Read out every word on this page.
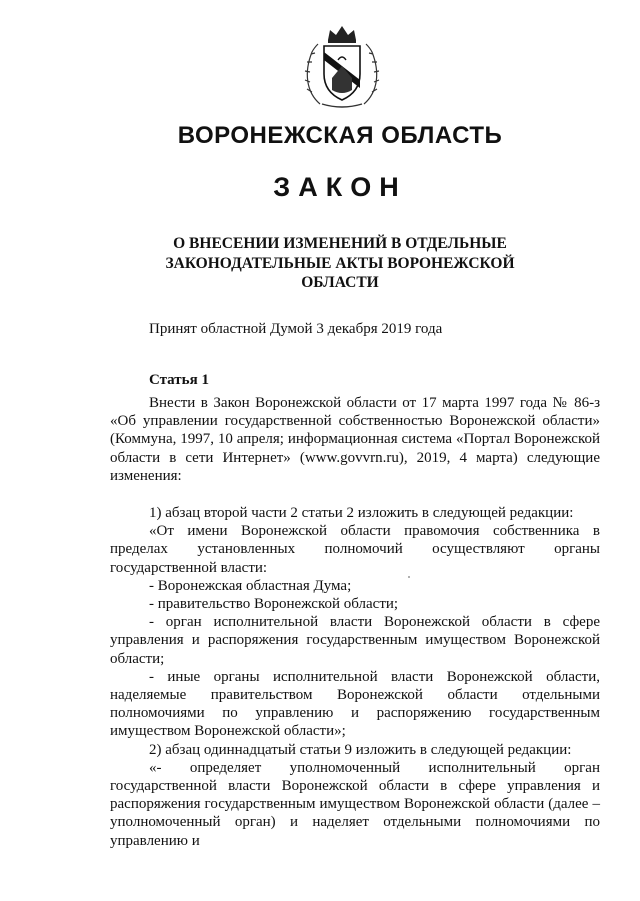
ВОРОНЕЖСКАЯ ОБЛАСТЬ
ЗАКОН
О ВНЕСЕНИИ ИЗМЕНЕНИЙ В ОТДЕЛЬНЫЕ
ЗАКОНОДАТЕЛЬНЫЕ АКТЫ ВОРОНЕЖСКОЙ
ОБЛАСТИ
Принят областной Думой 3 декабря 2019 года
Статья 1

Внести в Закон Воронежской области от 17 марта 1997 года № 86-з «Об управлении государственной собственностью Воронежской области» (Коммуна, 1997, 10 апреля; информационная система «Портал Воронежской области в сети Интернет» (www.govvrn.ru), 2019, 4 марта) следующие изменения:

1) абзац второй части 2 статьи 2 изложить в следующей редакции:

«От имени Воронежской области правомочия собственника в пределах установленных полномочий осуществляют органы государственной власти:

- Воронежская областная Дума;

- правительство Воронежской области;

- орган исполнительной власти Воронежской области в сфере управления и распоряжения государственным имуществом Воронежской области;

- иные органы исполнительной власти Воронежской области, наделяемые правительством Воронежской области отдельными полномочиями по управлению и распоряжению государственным имуществом Воронежской области»;

2) абзац одиннадцатый статьи 9 изложить в следующей редакции:

«- определяет уполномоченный исполнительный орган государственной власти Воронежской области в сфере управления и распоряжения государственным имуществом Воронежской области (далее – уполномоченный орган) и наделяет отдельными полномочиями по управлению и
